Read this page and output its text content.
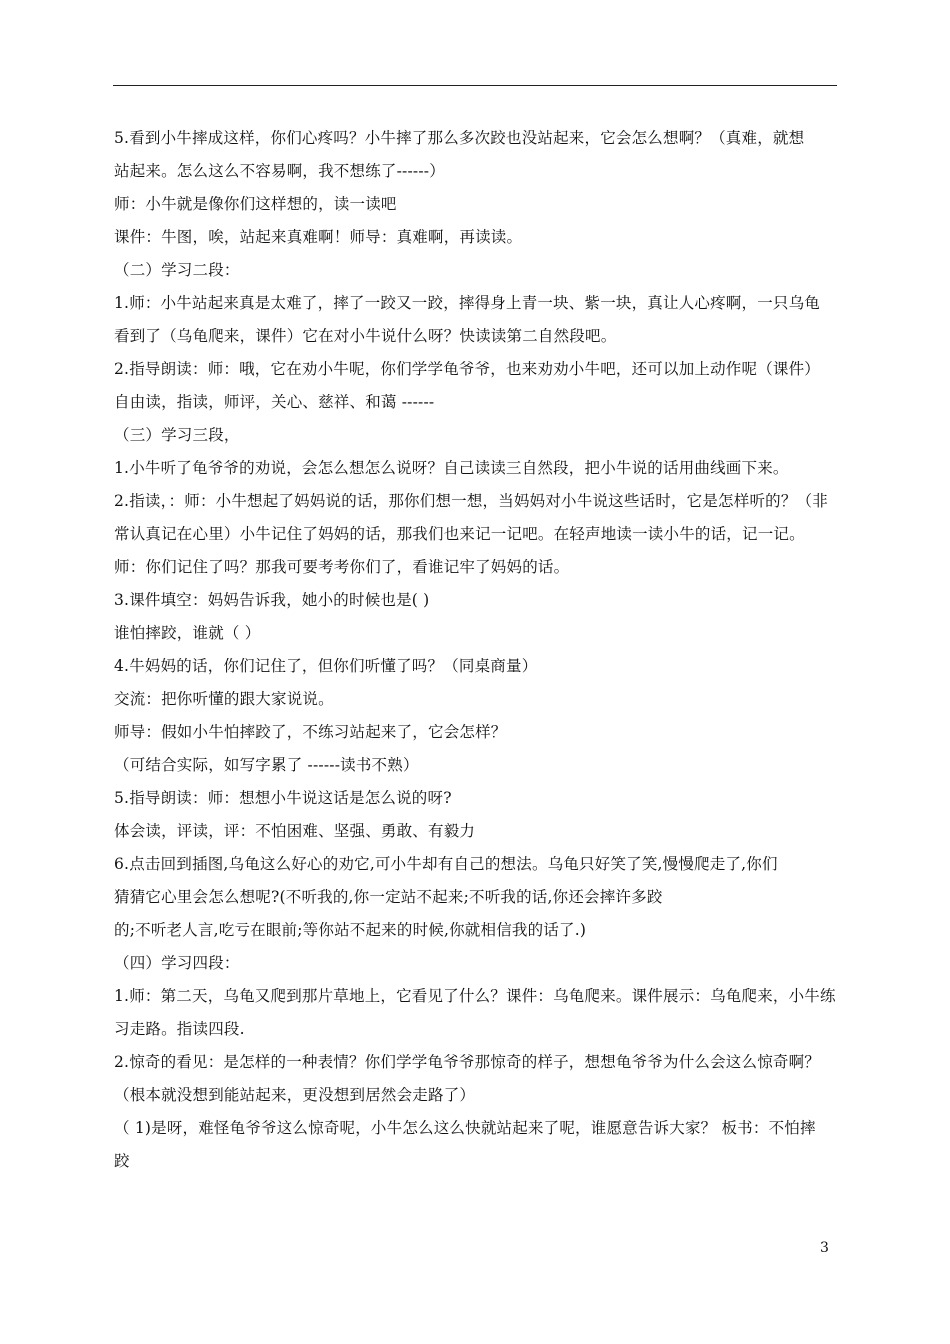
5.看到小牛摔成这样，你们心疼吗？小牛摔了那么多次跤也没站起来，它会怎么想啊？（真难，就想
站起来。怎么这么不容易啊，我不想练了------）
师：小牛就是像你们这样想的，读一读吧
课件：牛图，唉，站起来真难啊！师导：真难啊，再读读。
（二）学习二段：
1.师：小牛站起来真是太难了，摔了一跤又一跤，摔得身上青一块、紫一块，真让人心疼啊，一只乌龟
看到了（乌龟爬来，课件）它在对小牛说什么呀？快读读第二自然段吧。
2.指导朗读：师：哦，它在劝小牛呢，你们学学龟爷爷，也来劝劝小牛吧，还可以加上动作呢（课件）
自由读，指读，师评，关心、慈祥、和蔼 ------
（三）学习三段，
1.小牛听了龟爷爷的劝说，会怎么想怎么说呀？自己读读三自然段，把小牛说的话用曲线画下来。
2.指读，：师：小牛想起了妈妈说的话，那你们想一想，当妈妈对小牛说这些话时，它是怎样听的？（非
常认真记在心里）小牛记住了妈妈的话，那我们也来记一记吧。在轻声地读一读小牛的话，记一记。
师：你们记住了吗？那我可要考考你们了，看谁记牢了妈妈的话。
3.课件填空：妈妈告诉我，她小的时候也是( )
谁怕摔跤，谁就（ ）
4.牛妈妈的话，你们记住了，但你们听懂了吗？（同桌商量）
交流：把你听懂的跟大家说说。
师导：假如小牛怕摔跤了，不练习站起来了，它会怎样？
（可结合实际，如写字累了 ------读书不熟）
5.指导朗读：师：想想小牛说这话是怎么说的呀?
体会读，评读，评：不怕困难、坚强、勇敢、有毅力
6.点击回到插图,乌龟这么好心的劝它,可小牛却有自己的想法。乌龟只好笑了笑,慢慢爬走了,你们
猜猜它心里会怎么想呢?(不听我的,你一定站不起来;不听我的话,你还会摔许多跤
的;不听老人言,吃亏在眼前;等你站不起来的时候,你就相信我的话了.)
（四）学习四段：
1.师：第二天，乌龟又爬到那片草地上，它看见了什么？课件：乌龟爬来。课件展示：乌龟爬来，小牛练
习走路。指读四段.
2.惊奇的看见：是怎样的一种表情？你们学学龟爷爷那惊奇的样子，想想龟爷爷为什么会这么惊奇啊？
（根本就没想到能站起来，更没想到居然会走路了）
（ 1)是呀，难怪龟爷爷这么惊奇呢，小牛怎么这么快就站起来了呢，谁愿意告诉大家？ 板书：不怕摔
跤
3
